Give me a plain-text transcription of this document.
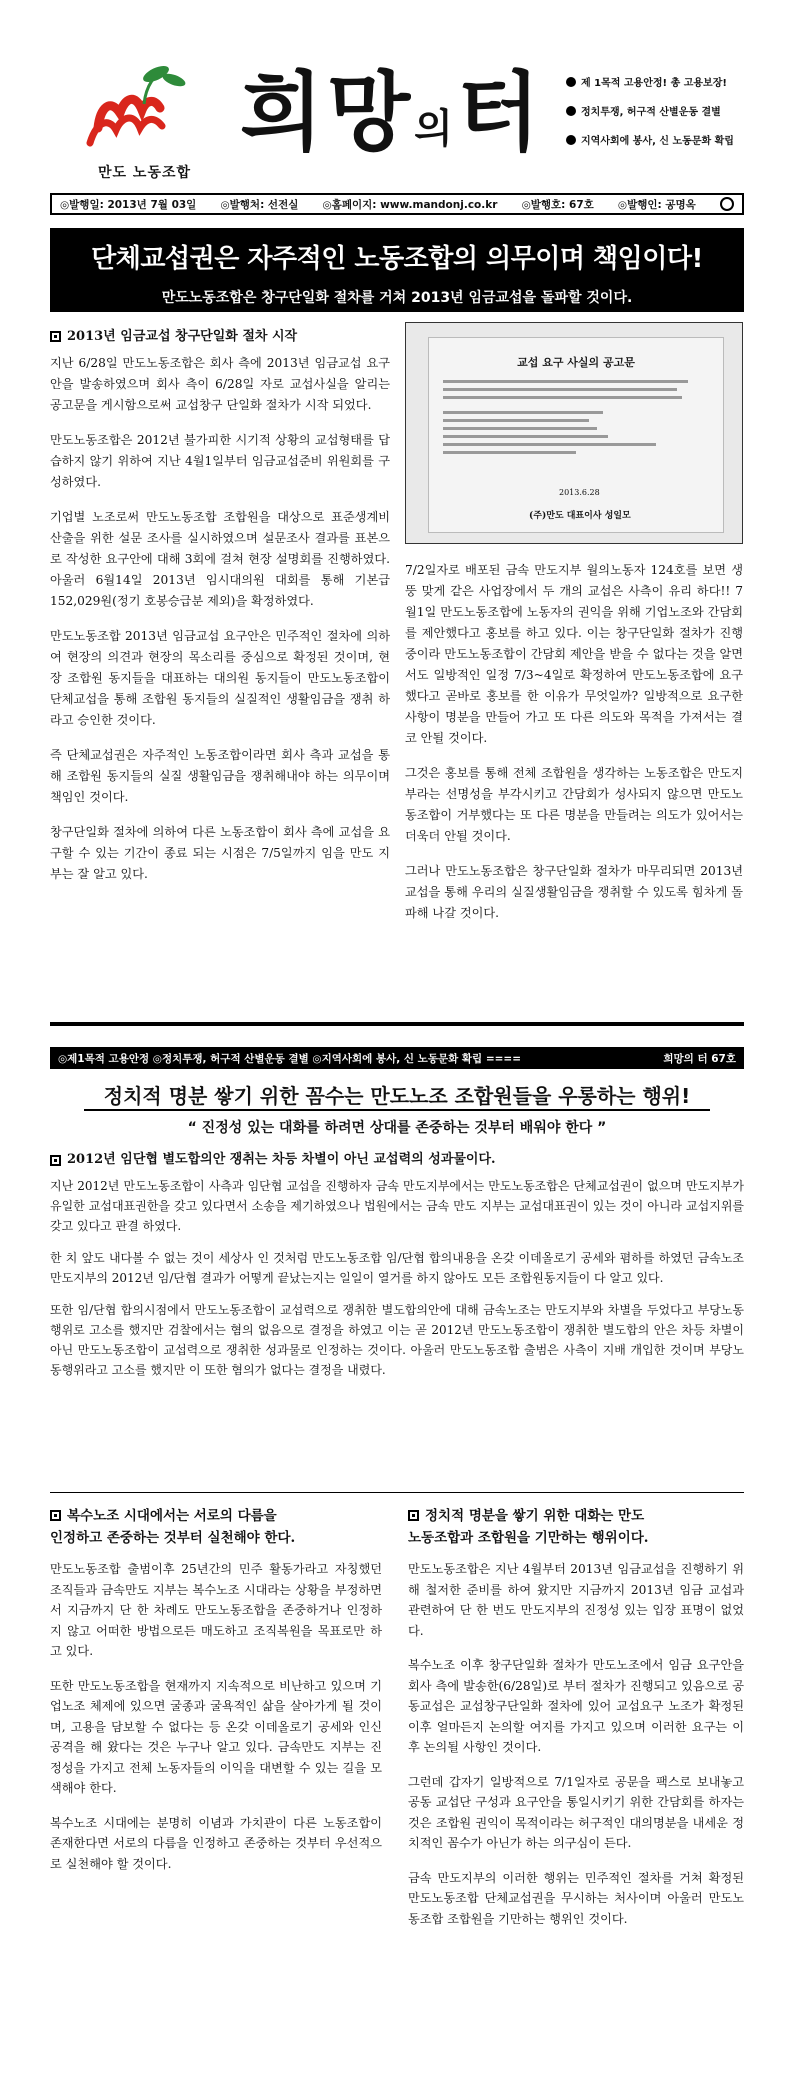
만도 노동조합
희망의터	제 1목적 고용안정! 총 고용보장!
정치투쟁, 허구적 산별운동 결별
지역사회에 봉사, 신 노동문화 확립
◎발행일: 2013년 7월 03일 ◎발행처: 선전실 ◎홈페이지: www.mandonj.co.kr ◎발행호: 67호 ◎발행인: 공명옥
단체교섭권은 자주적인 노동조합의 의무이며 책임이다!
만도노동조합은 창구단일화 절차를 거쳐 2013년 임금교섭을 돌파할 것이다.
2013년 임금교섭 창구단일화 절차 시작

지난 6/28일 만도노동조합은 회사 측에 2013년 임금교섭 요구안을 발송하였으며 회사 측이 6/28일 자로 교섭사실을 알리는 공고문을 게시함으로써 교섭창구 단일화 절차가 시작 되었다.

만도노동조합은 2012년 불가피한 시기적 상황의 교섭형태를 답습하지 않기 위하여 지난 4월1일부터 임금교섭준비 위원회를 구성하였다.

기업별 노조로써 만도노동조합 조합원을 대상으로 표준생계비 산출을 위한 설문 조사를 실시하였으며 설문조사 결과를 표본으로 작성한 요구안에 대해 3회에 걸쳐 현장 설명회를 진행하였다. 아울러 6월14일 2013년 임시대의원 대회를 통해 기본급 152,029원(정기 호봉승급분 제외)을 확정하였다.

만도노동조합 2013년 임금교섭 요구안은 민주적인 절차에 의하여 현장의 의견과 현장의 목소리를 중심으로 확정된 것이며, 현장 조합원 동지들을 대표하는 대의원 동지들이 만도노동조합이 단체교섭을 통해 조합원 동지들의 실질적인 생활임금을 쟁취 하라고 승인한 것이다.

즉 단체교섭권은 자주적인 노동조합이라면 회사 측과 교섭을 통해 조합원 동지들의 실질 생활임금을 쟁취해내야 하는 의무이며 책임인 것이다.

창구단일화 절차에 의하여 다른 노동조합이 회사 측에 교섭을 요구할 수 있는 기간이 종료 되는 시점은 7/5일까지 임을 만도 지부는 잘 알고 있다.

교섭 요구 사실의 공고문
2013.6.28
(주)만도 대표이사 성일모

7/2일자로 배포된 금속 만도지부 월의노동자 124호를 보면 생뚱 맞게 같은 사업장에서 두 개의 교섭은 사측이 유리 하다!! 7월1일 만도노동조합에 노동자의 권익을 위해 기업노조와 간담회를 제안했다고 홍보를 하고 있다. 이는 창구단일화 절차가 진행 중이라 만도노동조합이 간담회 제안을 받을 수 없다는 것을 알면서도 일방적인 일정 7/3~4일로 확정하여 만도노동조합에 요구 했다고 곧바로 홍보를 한 이유가 무엇일까? 일방적으로 요구한 사항이 명분을 만들어 가고 또 다른 의도와 목적을 가져서는 결코 안될 것이다.

그것은 홍보를 통해 전체 조합원을 생각하는 노동조합은 만도지부라는 선명성을 부각시키고 간담회가 성사되지 않으면 만도노동조합이 거부했다는 또 다른 명분을 만들려는 의도가 있어서는 더욱더 안될 것이다.

그러나 만도노동조합은 창구단일화 절차가 마무리되면 2013년 교섭을 통해 우리의 실질생활임금을 쟁취할 수 있도록 힘차게 돌파해 나갈 것이다.

◎제1목적 고용안정 ◎정치투쟁, 허구적 산별운동 결별 ◎지역사회에 봉사, 신 노동문화 확립 ====	희망의 터 67호
정치적 명분 쌓기 위한 꼼수는 만도노조 조합원들을 우롱하는 행위!
“ 진정성 있는 대화를 하려면 상대를 존중하는 것부터 배워야 한다 ”
2012년 임단협 별도합의안 쟁취는 차등 차별이 아닌 교섭력의 성과물이다.

지난 2012년 만도노동조합이 사측과 임단협 교섭을 진행하자 금속 만도지부에서는 만도노동조합은 단체교섭권이 없으며 만도지부가 유일한 교섭대표권한을 갖고 있다면서 소송을 제기하였으나 법원에서는 금속 만도 지부는 교섭대표권이 있는 것이 아니라 교섭지위를 갖고 있다고 판결 하였다.

한 치 앞도 내다볼 수 없는 것이 세상사 인 것처럼 만도노동조합 임/단협 합의내용을 온갖 이데올로기 공세와 폄하를 하였던 금속노조 만도지부의 2012년 임/단협 결과가 어떻게 끝났는지는 일일이 열거를 하지 않아도 모든 조합원동지들이 다 알고 있다.

또한 임/단협 합의시점에서 만도노동조합이 교섭력으로 쟁취한 별도합의안에 대해 금속노조는 만도지부와 차별을 두었다고 부당노동행위로 고소를 했지만 검찰에서는 혐의 없음으로 결정을 하였고 이는 곧 2012년 만도노동조합이 쟁취한 별도합의 안은 차등 차별이 아닌 만도노동조합이 교섭력으로 쟁취한 성과물로 인정하는 것이다. 아울러 만도노동조합 출범은 사측이 지배 개입한 것이며 부당노동행위라고 고소를 했지만 이 또한 혐의가 없다는 결정을 내렸다.

복수노조 시대에서는 서로의 다름을
인정하고 존중하는 것부터 실천해야 한다.

만도노동조합 출범이후 25년간의 민주 활동가라고 자칭했던 조직들과 금속만도 지부는 복수노조 시대라는 상황을 부정하면서 지금까지 단 한 차례도 만도노동조합을 존중하거나 인정하지 않고 어떠한 방법으로든 매도하고 조직복원을 목표로만 하고 있다.

또한 만도노동조합을 현재까지 지속적으로 비난하고 있으며 기업노조 체제에 있으면 굴종과 굴욕적인 삶을 살아가게 될 것이며, 고용을 담보할 수 없다는 등 온갖 이데올로기 공세와 인신공격을 해 왔다는 것은 누구나 알고 있다. 금속만도 지부는 진정성을 가지고 전체 노동자들의 이익을 대변할 수 있는 길을 모색해야 한다.

복수노조 시대에는 분명히 이념과 가치관이 다른 노동조합이 존재한다면 서로의 다름을 인정하고 존중하는 것부터 우선적으로 실천해야 할 것이다.

정치적 명분을 쌓기 위한 대화는 만도
노동조합과 조합원을 기만하는 행위이다.

만도노동조합은 지난 4월부터 2013년 임금교섭을 진행하기 위해 철저한 준비를 하여 왔지만 지금까지 2013년 임금 교섭과 관련하여 단 한 번도 만도지부의 진정성 있는 입장 표명이 없었다.

복수노조 이후 창구단일화 절차가 만도노조에서 임금 요구안을 회사 측에 발송한(6/28일)로 부터 절차가 진행되고 있음으로 공동교섭은 교섭창구단일화 절차에 있어 교섭요구 노조가 확정된 이후 얼마든지 논의할 여지를 가지고 있으며 이러한 요구는 이후 논의될 사항인 것이다.

그런데 갑자기 일방적으로 7/1일자로 공문을 팩스로 보내놓고 공동 교섭단 구성과 요구안을 통일시키기 위한 간담회를 하자는 것은 조합원 권익이 목적이라는 허구적인 대의명분을 내세운 정치적인 꼼수가 아닌가 하는 의구심이 든다.

금속 만도지부의 이러한 행위는 민주적인 절차를 거쳐 확정된 만도노동조합 단체교섭권을 무시하는 처사이며 아울러 만도노동조합 조합원을 기만하는 행위인 것이다.
